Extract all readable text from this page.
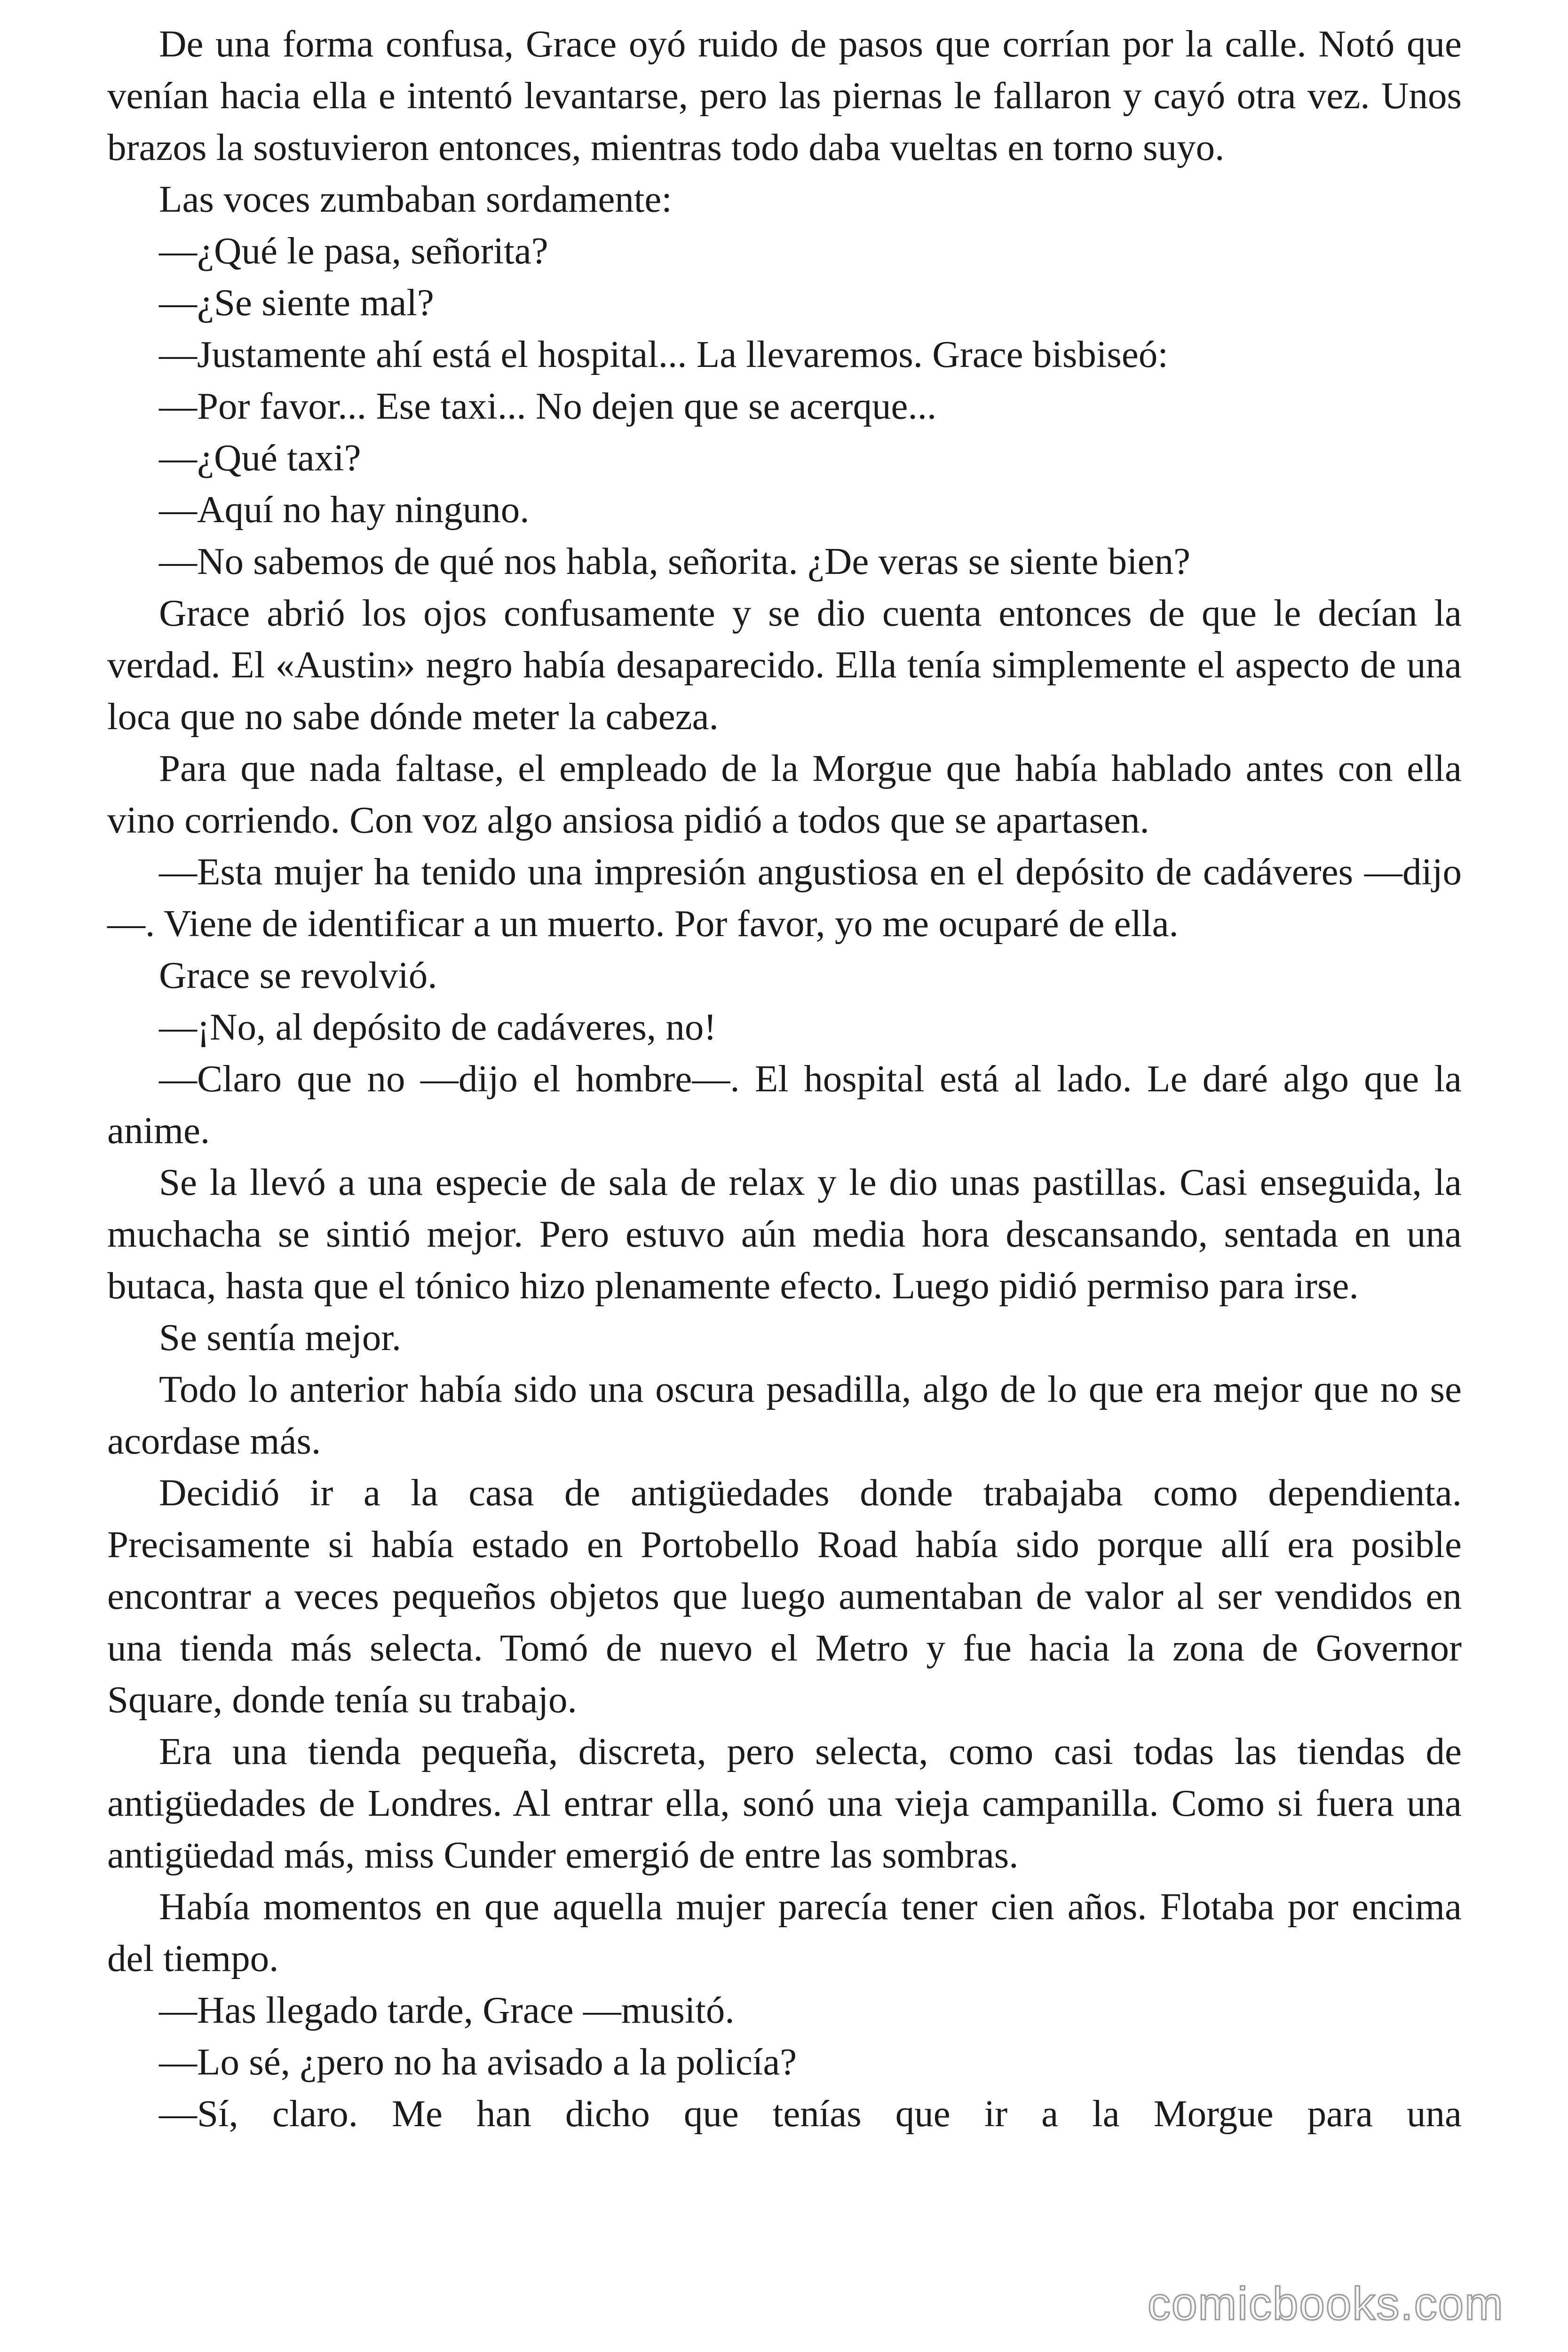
De una forma confusa, Grace oyó ruido de pasos que corrían por la calle. Notó que venían hacia ella e intentó levantarse, pero las piernas le fallaron y cayó otra vez. Unos brazos la sostuvieron entonces, mientras todo daba vueltas en torno suyo.

Las voces zumbaban sordamente:

—¿Qué le pasa, señorita?

—¿Se siente mal?

—Justamente ahí está el hospital... La llevaremos. Grace bisbiseó:

—Por favor... Ese taxi... No dejen que se acerque...

—¿Qué taxi?

—Aquí no hay ninguno.

—No sabemos de qué nos habla, señorita. ¿De veras se siente bien?

Grace abrió los ojos confusamente y se dio cuenta entonces de que le decían la verdad. El «Austin» negro había desaparecido. Ella tenía simplemente el aspecto de una loca que no sabe dónde meter la cabeza.

Para que nada faltase, el empleado de la Morgue que había hablado antes con ella vino corriendo. Con voz algo ansiosa pidió a todos que se apartasen.

—Esta mujer ha tenido una impresión angustiosa en el depósito de cadáveres —dijo—. Viene de identificar a un muerto. Por favor, yo me ocuparé de ella.

Grace se revolvió.

—¡No, al depósito de cadáveres, no!

—Claro que no —dijo el hombre—. El hospital está al lado. Le daré algo que la anime.

Se la llevó a una especie de sala de relax y le dio unas pastillas. Casi enseguida, la muchacha se sintió mejor. Pero estuvo aún media hora descansando, sentada en una butaca, hasta que el tónico hizo plenamente efecto. Luego pidió permiso para irse.

Se sentía mejor.

Todo lo anterior había sido una oscura pesadilla, algo de lo que era mejor que no se acordase más.

Decidió ir a la casa de antigüedades donde trabajaba como dependienta. Precisamente si había estado en Portobello Road había sido porque allí era posible encontrar a veces pequeños objetos que luego aumentaban de valor al ser vendidos en una tienda más selecta. Tomó de nuevo el Metro y fue hacia la zona de Governor Square, donde tenía su trabajo.

Era una tienda pequeña, discreta, pero selecta, como casi todas las tiendas de antigüedades de Londres. Al entrar ella, sonó una vieja campanilla. Como si fuera una antigüedad más, miss Cunder emergió de entre las sombras.

Había momentos en que aquella mujer parecía tener cien años. Flotaba por encima del tiempo.

—Has llegado tarde, Grace —musitó.

—Lo sé, ¿pero no ha avisado a la policía?

—Sí, claro. Me han dicho que tenías que ir a la Morgue para una

comicbooks.com
